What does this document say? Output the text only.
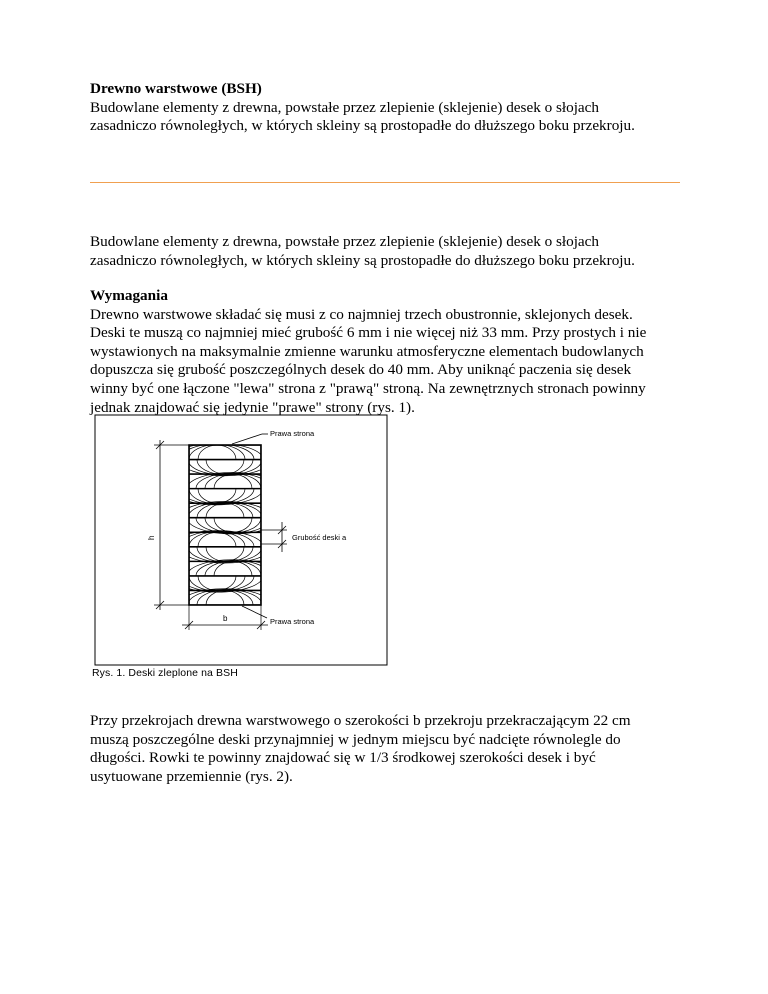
Drewno warstwowe (BSH)
Budowlane elementy z drewna, powstałe przez zlepienie (sklejenie) desek o słojach
zasadniczo równoległych, w których skleiny są prostopadłe do dłuższego boku przekroju.
Budowlane elementy z drewna, powstałe przez zlepienie (sklejenie) desek o słojach
zasadniczo równoległych, w których skleiny są prostopadłe do dłuższego boku przekroju.
Wymagania
Drewno warstwowe składać się musi z co najmniej trzech obustronnie, sklejonych desek.
Deski te muszą co najmniej mieć grubość 6 mm i nie więcej niż 33 mm. Przy prostych i nie
wystawionych na maksymalnie zmienne warunku atmosferyczne elementach budowlanych
dopuszcza się grubość poszczególnych desek do 40 mm. Aby uniknąć paczenia się desek
winny być one łączone "lewa" strona z "prawą" stroną. Na zewnętrznych stronach powinny
jednak znajdować się jedynie "prawe" strony (rys. 1).
Prawa strona
h	Grubość deski a
b	Prawa strona
Rys. 1. Deski zleplone na BSH
Przy przekrojach drewna warstwowego o szerokości b przekroju przekraczającym 22 cm
muszą poszczególne deski przynajmniej w jednym miejscu być nadcięte równolegle do
długości. Rowki te powinny znajdować się w 1/3 środkowej szerokości desek i być
usytuowane przemiennie (rys. 2).
